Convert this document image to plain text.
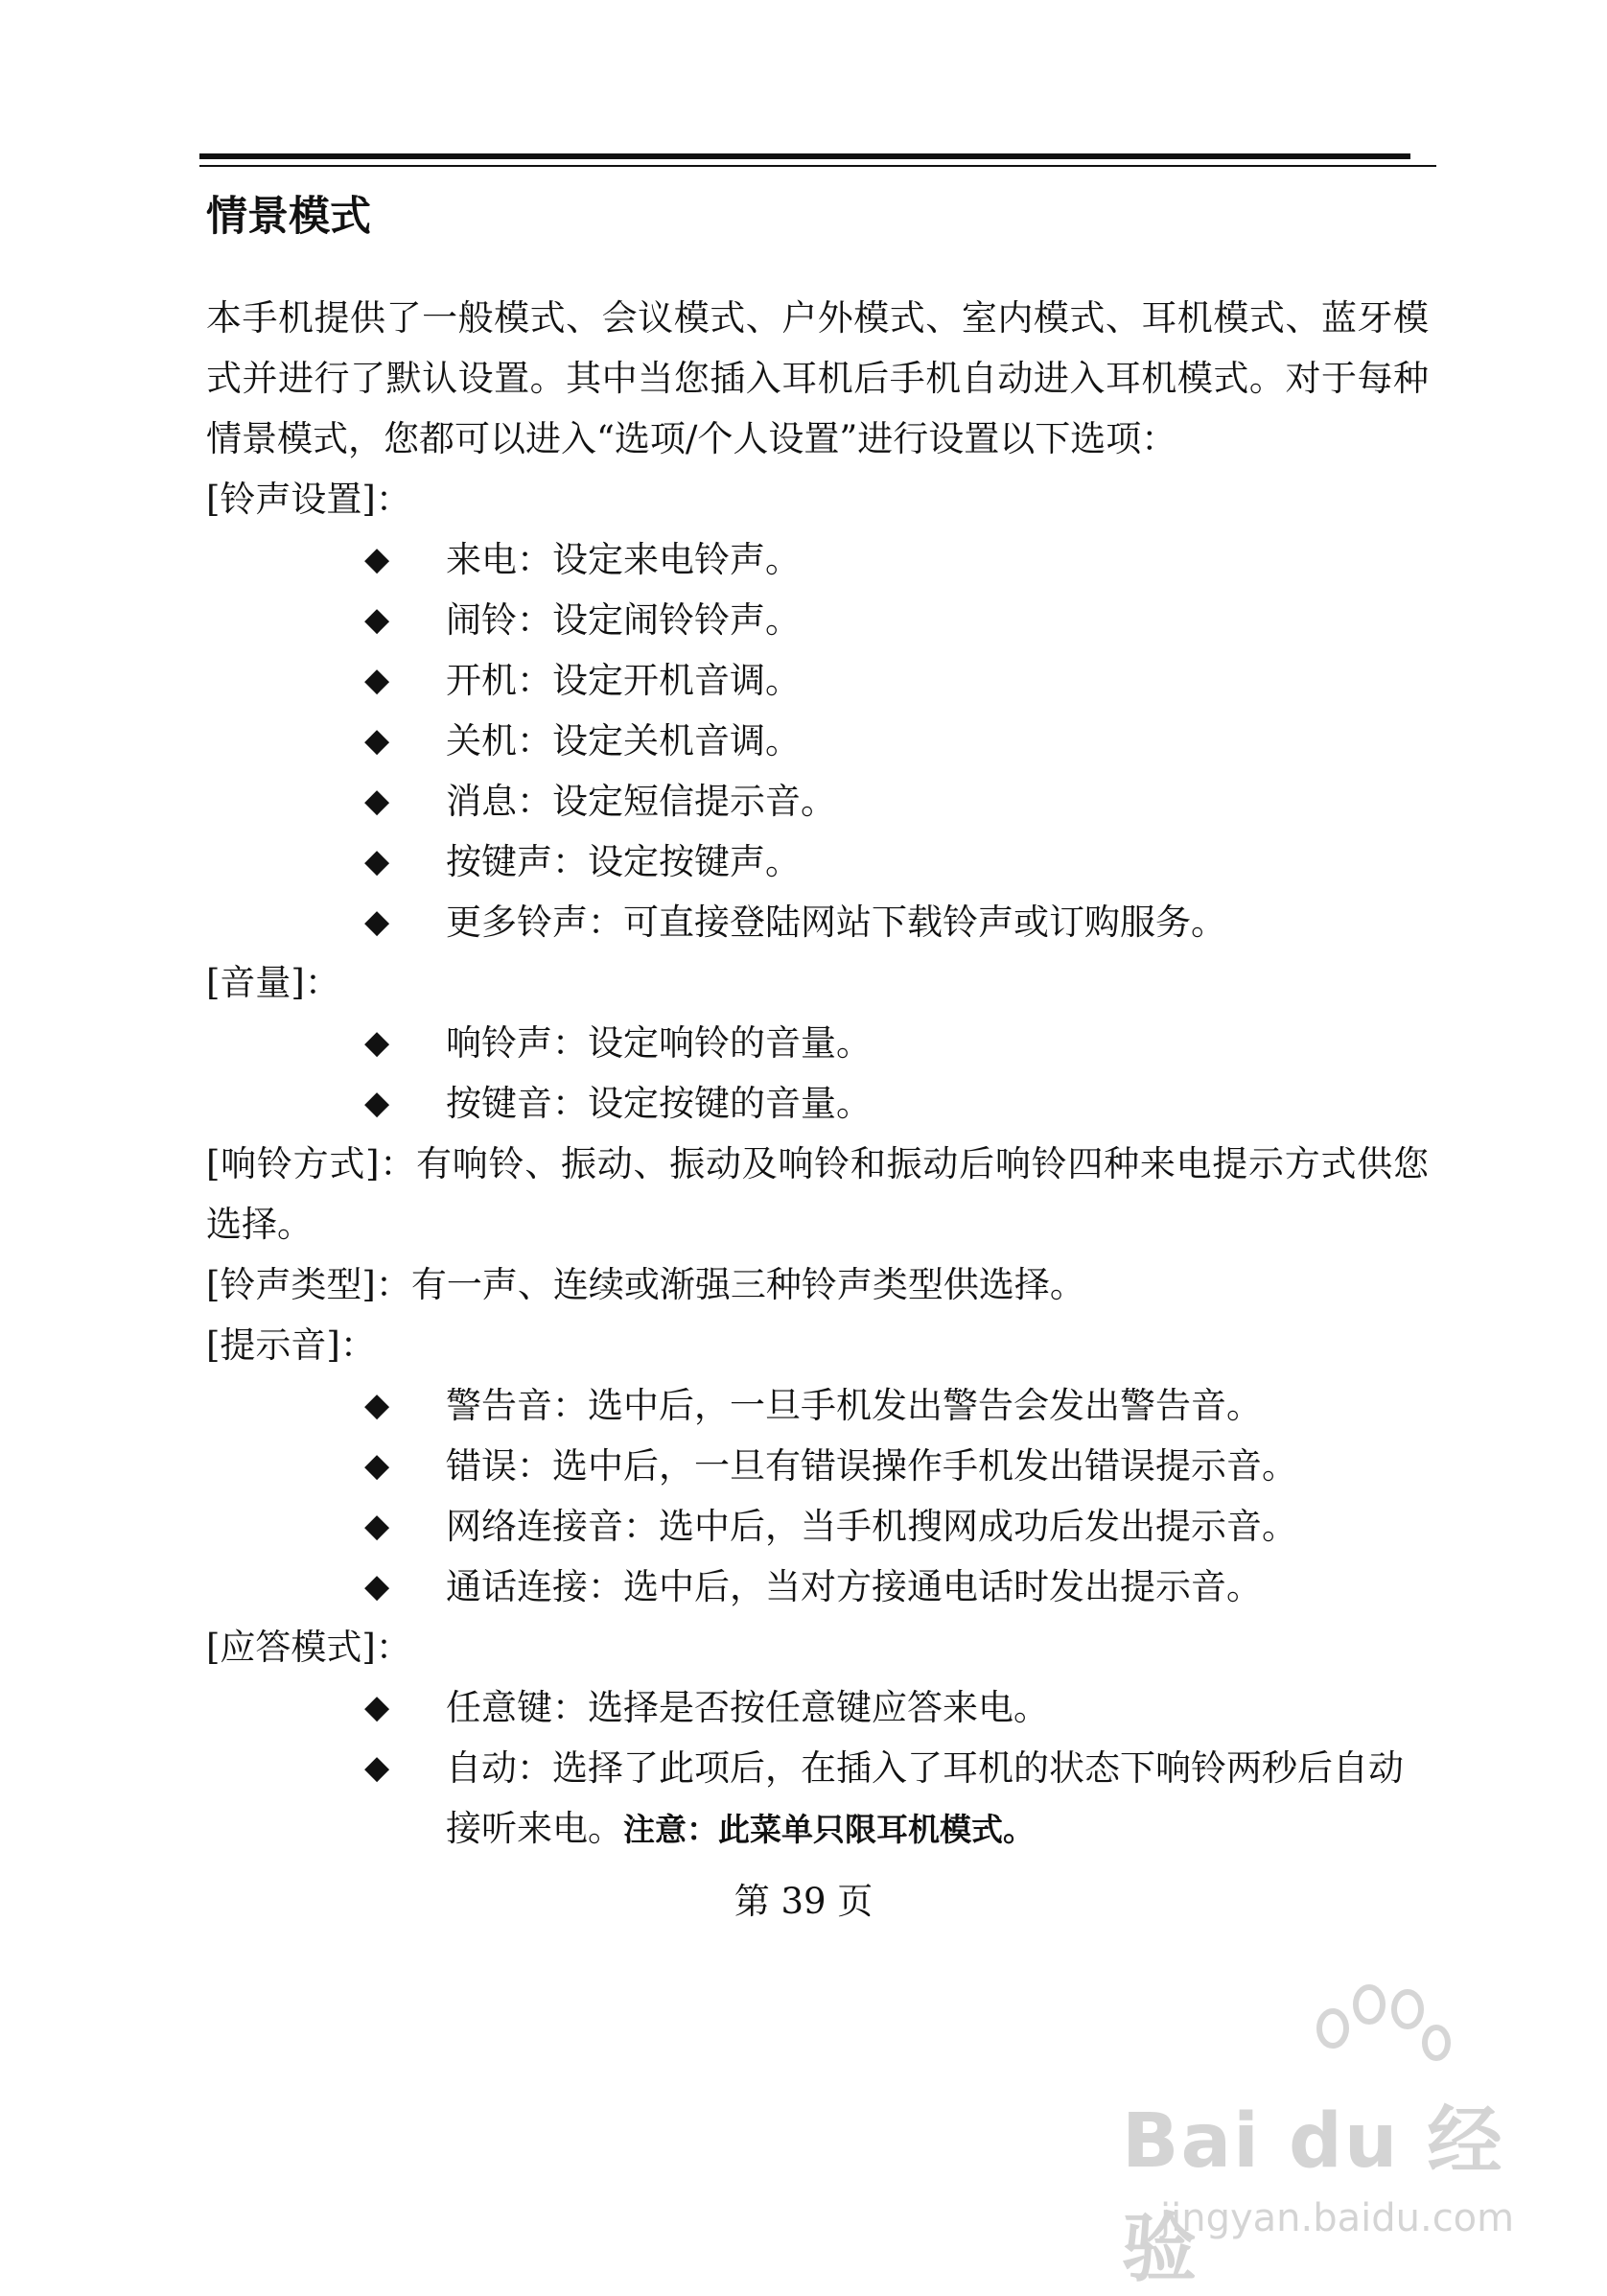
情景模式

本手机提供了一般模式、会议模式、户外模式、室内模式、耳机模式、蓝牙模式并进行了默认设置。其中当您插入耳机后手机自动进入耳机模式。对于每种情景模式，您都可以进入“选项/个人设置”进行设置以下选项：

[铃声设置]：

◆ 来电：设定来电铃声。
◆ 闹铃：设定闹铃铃声。
◆ 开机：设定开机音调。
◆ 关机：设定关机音调。
◆ 消息：设定短信提示音。
◆ 按键声：设定按键声。
◆ 更多铃声：可直接登陆网站下载铃声或订购服务。

[音量]：

◆ 响铃声：设定响铃的音量。
◆ 按键音：设定按键的音量。

[响铃方式]：有响铃、振动、振动及响铃和振动后响铃四种来电提示方式供您选择。

[铃声类型]：有一声、连续或渐强三种铃声类型供选择。

[提示音]：

◆ 警告音：选中后，一旦手机发出警告会发出警告音。
◆ 错误：选中后，一旦有错误操作手机发出错误提示音。
◆ 网络连接音：选中后，当手机搜网成功后发出提示音。
◆ 通话连接：选中后，当对方接通电话时发出提示音。

[应答模式]：

◆ 任意键：选择是否按任意键应答来电。
◆ 自动：选择了此项后，在插入了耳机的状态下响铃两秒后自动接听来电。注意：此菜单只限耳机模式。
第 39 页
Bai du 经验
jingyan.baidu.com
